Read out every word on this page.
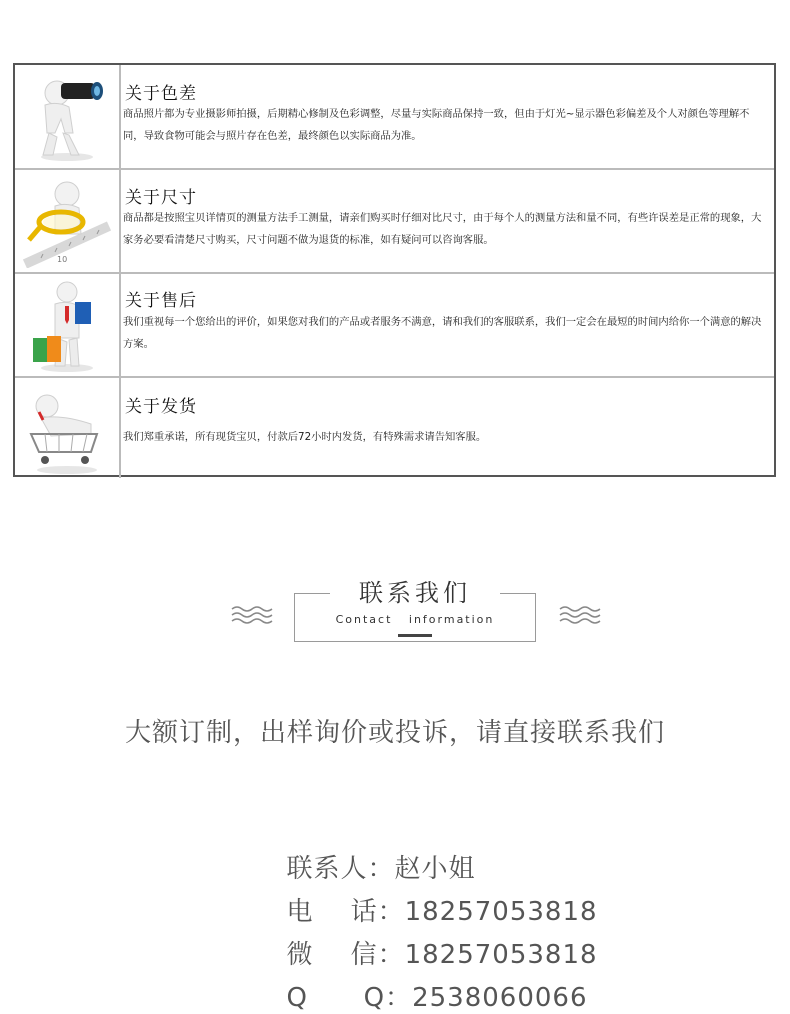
关于色差
商品照片都为专业摄影师拍摄，后期精心修制及色彩调整，尽量与实际商品保持一致，但由于灯光~显示器色彩偏差及个人对颜色等理解不同，导致食物可能会与照片存在色差，最终颜色以实际商品为准。
10
关于尺寸
商品都是按照宝贝详情页的测量方法手工测量，请亲们购买时仔细对比尺寸，由于每个人的测量方法和量不同，有些许误差是正常的现象，大家务必要看清楚尺寸购买，尺寸问题不做为退货的标准，如有疑问可以咨询客服。
关于售后
我们重视每一个您给出的评价，如果您对我们的产品或者服务不满意，请和我们的客服联系，我们一定会在最短的时间内给你一个满意的解决方案。
关于发货
我们郑重承诺，所有现货宝贝，付款后72小时内发货，有特殊需求请告知客服。
联系我们
Contact   information
大额订制，出样询价或投诉，请直接联系我们

联系人：赵小姐

电    话：18257053818

微    信：18257053818

Q      Q：2538060066
